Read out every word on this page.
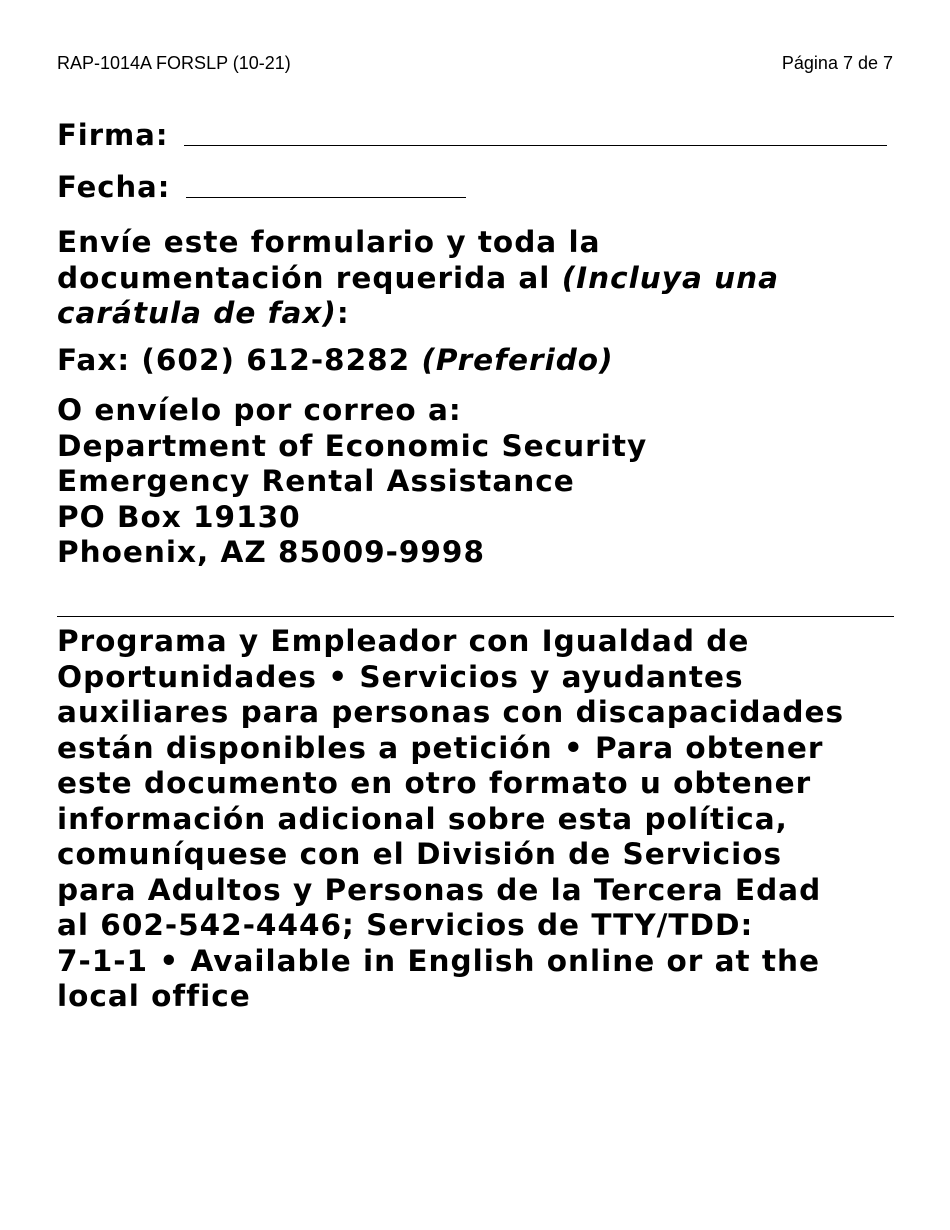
RAP-1014A FORSLP (10-21)	Página 7 de 7
Firma:
Fecha:
Envíe este formulario y toda la
documentación requerida al (Incluya una
carátula de fax):
Fax: (602) 612-8282 (Preferido)
O envíelo por correo a:
Department of Economic Security
Emergency Rental Assistance
PO Box 19130
Phoenix, AZ 85009-9998
Programa y Empleador con Igualdad de
Oportunidades • Servicios y ayudantes
auxiliares para personas con discapacidades
están disponibles a petición • Para obtener
este documento en otro formato u obtener
información adicional sobre esta política,
comuníquese con el División de Servicios
para Adultos y Personas de la Tercera Edad
al 602-542-4446; Servicios de TTY/TDD:
7-1-1 • Available in English online or at the
local office
